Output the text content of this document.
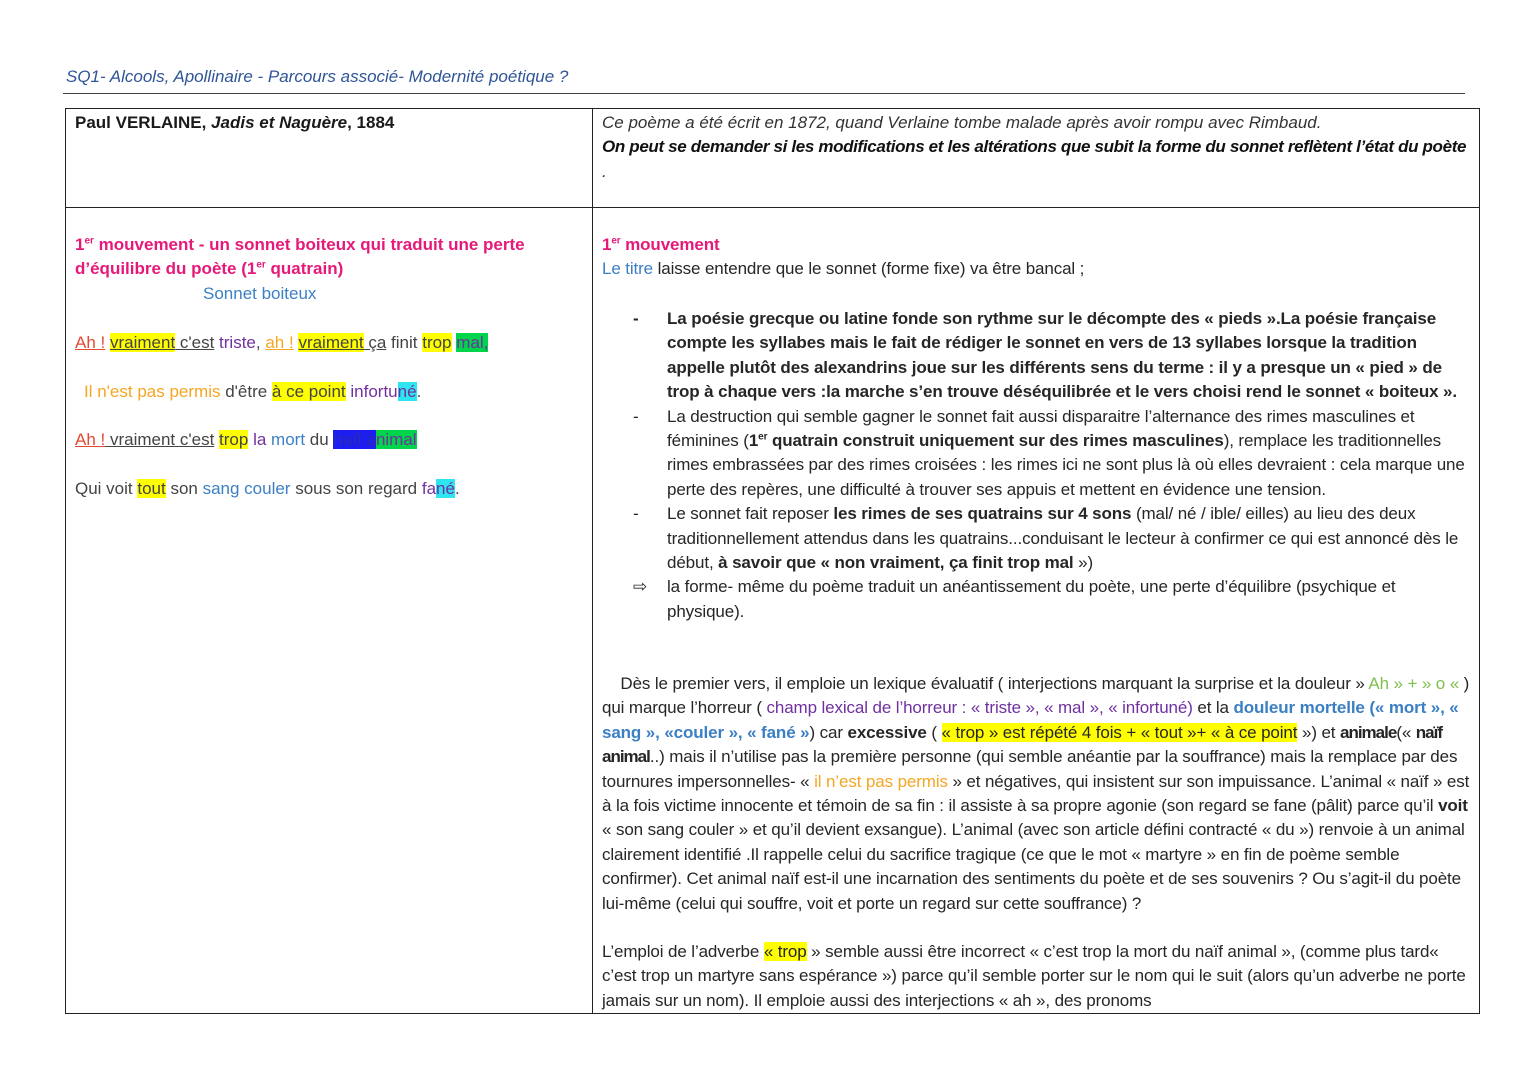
SQ1- Alcools, Apollinaire - Parcours associé- Modernité poétique ?
Paul VERLAINE, Jadis et Naguère, 1884	Ce poème a été écrit en 1872, quand Verlaine tombe malade après avoir rompu avec Rimbaud.
On peut se demander si les modifications et les altérations que subit la forme du sonnet reflètent l’état du poète
.
1er mouvement - un sonnet boiteux qui traduit une perte
d’équilibre du poète (1er quatrain)
Sonnet boiteux
Ah ! vraiment c'est triste, ah ! vraiment ça finit trop mal,
Il n'est pas permis d'être à ce point infortuné.
Ah ! vraiment c'est trop la mort du naïf animal
Qui voit tout son sang couler sous son regard fané.
1er mouvement
Le titre laisse entendre que le sonnet (forme fixe) va être bancal ;
- La poésie grecque ou latine fonde son rythme sur le décompte des « pieds ».La poésie française compte les syllabes mais le fait de rédiger le sonnet en vers de 13 syllabes lorsque la tradition appelle plutôt des alexandrins joue sur les différents sens du terme : il y a presque un « pied » de trop à chaque vers :la marche s’en trouve déséquilibrée et le vers choisi rend le sonnet « boiteux ».
- La destruction qui semble gagner le sonnet fait aussi disparaitre l’alternance des rimes masculines et féminines (1er quatrain construit uniquement sur des rimes masculines), remplace les traditionnelles rimes embrassées par des rimes croisées : les rimes ici ne sont plus là où elles devraient : cela marque une perte des repères, une difficulté à trouver ses appuis et mettent en évidence une tension.
- Le sonnet fait reposer les rimes de ses quatrains sur 4 sons (mal/ né / ible/ eilles) au lieu des deux traditionnellement attendus dans les quatrains...conduisant le lecteur à confirmer ce qui est annoncé dès le début, à savoir que « non vraiment, ça finit trop mal »)
⇨ la forme- même du poème traduit un anéantissement du poète, une perte d’équilibre (psychique et physique).
Dès le premier vers, il emploie un lexique évaluatif ( interjections marquant la surprise et la douleur » Ah » + » o « ) qui marque l’horreur ( champ lexical de l’horreur : « triste », « mal », « infortuné) et la douleur mortelle (« mort », « sang », «couler », « fané ») car excessive ( « trop » est répété 4 fois + « tout »+ « à ce point ») et animale(« naïf animal..) mais il n’utilise pas la première personne (qui semble anéantie par la souffrance) mais la remplace par des tournures impersonnelles- « il n’est pas permis » et négatives, qui insistent sur son impuissance. L’animal « naïf » est à la fois victime innocente et témoin de sa fin : il assiste à sa propre agonie (son regard se fane (pâlit) parce qu’il voit « son sang couler » et qu’il devient exsangue). L’animal (avec son article défini contracté « du ») renvoie à un animal clairement identifié .Il rappelle celui du sacrifice tragique (ce que le mot « martyre » en fin de poème semble confirmer). Cet animal naïf est-il une incarnation des sentiments du poète et de ses souvenirs ? Ou s’agit-il du poète lui-même (celui qui souffre, voit et porte un regard sur cette souffrance) ?
L’emploi de l’adverbe « trop » semble aussi être incorrect « c’est trop la mort du naïf animal », (comme plus tard« c’est trop un martyre sans espérance ») parce qu’il semble porter sur le nom qui le suit (alors qu’un adverbe ne porte jamais sur un nom). Il emploie aussi des interjections « ah », des pronoms
